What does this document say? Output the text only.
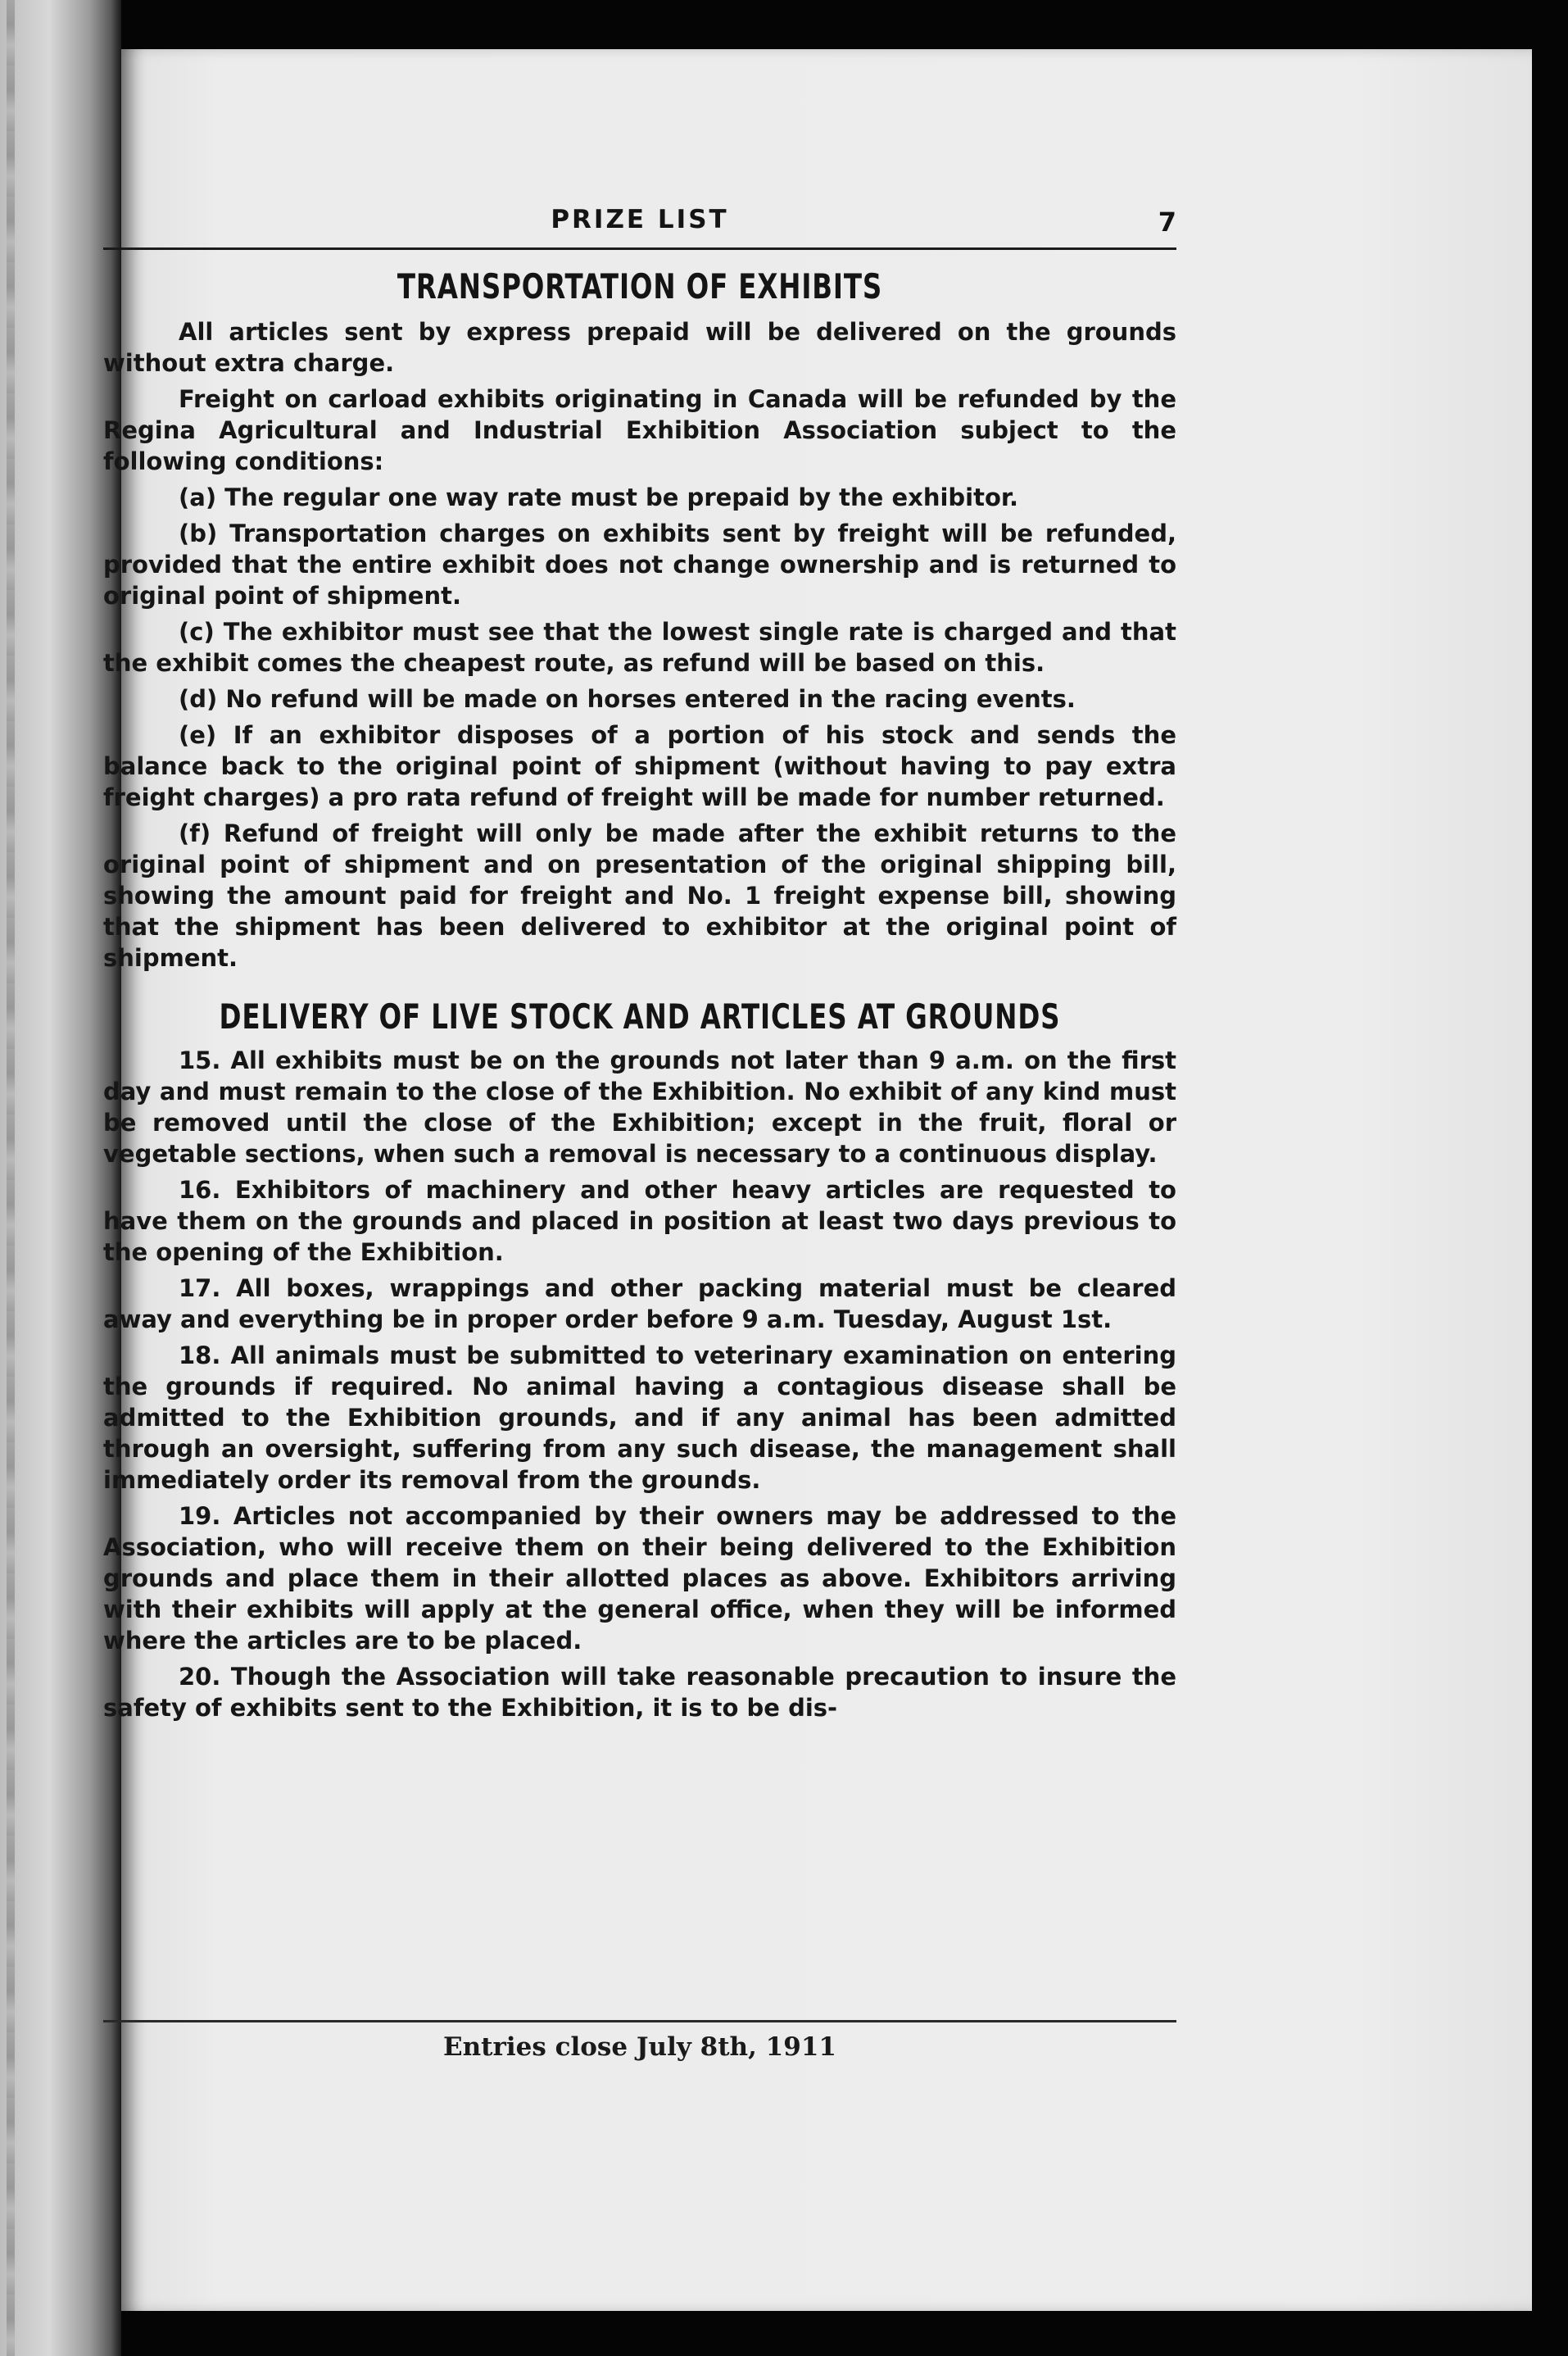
PRIZE LIST	7
TRANSPORTATION OF EXHIBITS

All articles sent by express prepaid will be delivered on the grounds without extra charge.

Freight on carload exhibits originating in Canada will be refunded by the Regina Agricultural and Industrial Exhibition Association subject to the following conditions:

(a) The regular one way rate must be prepaid by the exhibitor.

(b) Transportation charges on exhibits sent by freight will be refunded, provided that the entire exhibit does not change ownership and is returned to original point of shipment.

(c) The exhibitor must see that the lowest single rate is charged and that the exhibit comes the cheapest route, as refund will be based on this.

(d) No refund will be made on horses entered in the racing events.

(e) If an exhibitor disposes of a portion of his stock and sends the balance back to the original point of shipment (without having to pay extra freight charges) a pro rata refund of freight will be made for number returned.

(f) Refund of freight will only be made after the exhibit returns to the original point of shipment and on presentation of the original shipping bill, showing the amount paid for freight and No. 1 freight expense bill, showing that the shipment has been delivered to exhibitor at the original point of shipment.

DELIVERY OF LIVE STOCK AND ARTICLES AT GROUNDS

15. All exhibits must be on the grounds not later than 9 a.m. on the first day and must remain to the close of the Exhibition. No exhibit of any kind must be removed until the close of the Exhibition; except in the fruit, floral or vegetable sections, when such a removal is necessary to a continuous display.

16. Exhibitors of machinery and other heavy articles are requested to have them on the grounds and placed in position at least two days previous to the opening of the Exhibition.

17. All boxes, wrappings and other packing material must be cleared away and everything be in proper order before 9 a.m. Tuesday, August 1st.

18. All animals must be submitted to veterinary examination on entering the grounds if required. No animal having a contagious disease shall be admitted to the Exhibition grounds, and if any animal has been admitted through an oversight, suffering from any such disease, the management shall immediately order its removal from the grounds.

19. Articles not accompanied by their owners may be addressed to the Association, who will receive them on their being delivered to the Exhibition grounds and place them in their allotted places as above. Exhibitors arriving with their exhibits will apply at the general office, when they will be informed where the articles are to be placed.

20. Though the Association will take reasonable precaution to insure the safety of exhibits sent to the Exhibition, it is to be dis-

Entries close July 8th, 1911
